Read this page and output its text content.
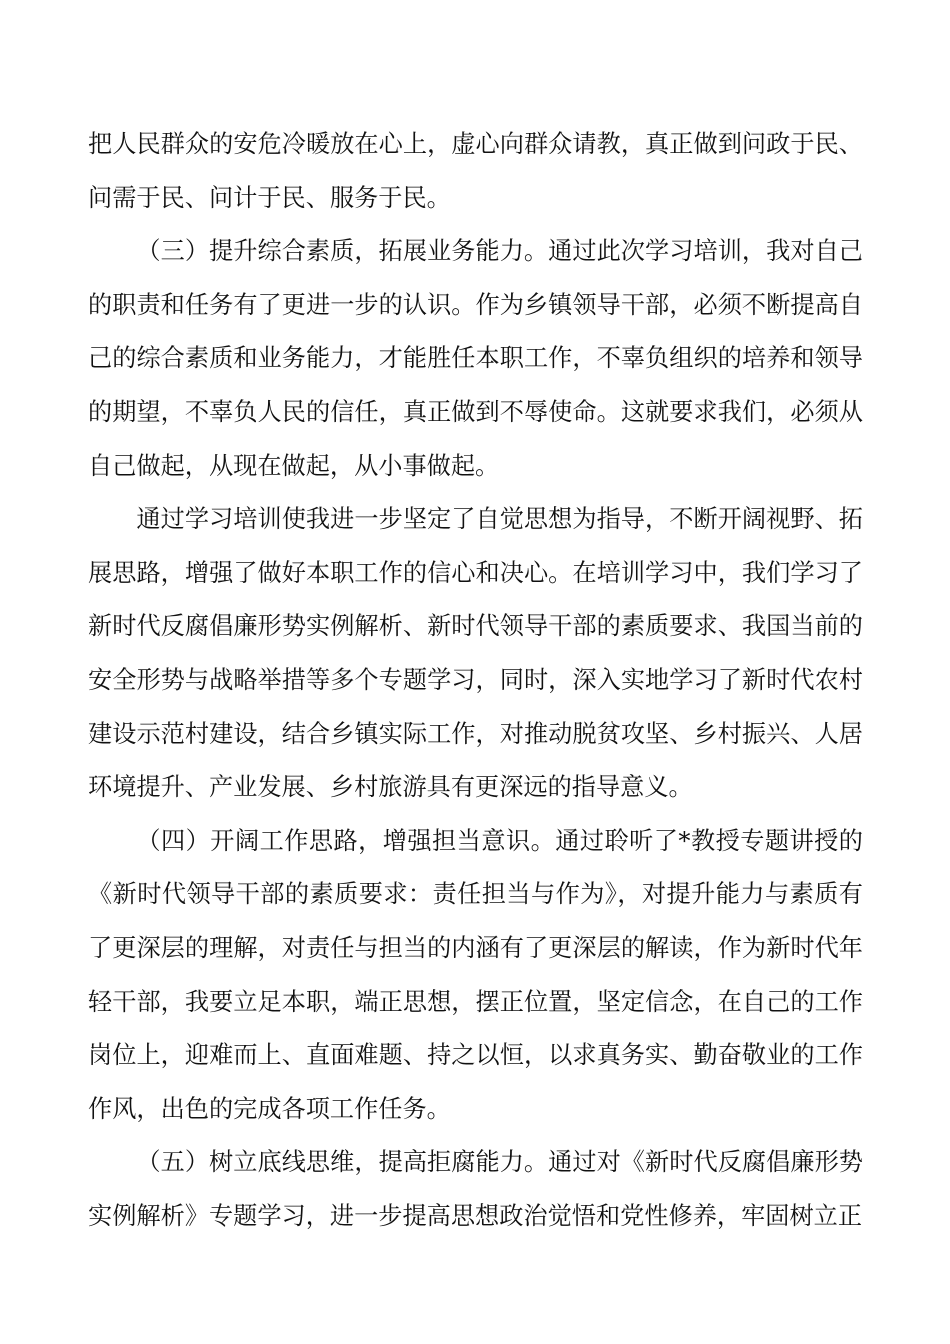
把人民群众的安危冷暖放在心上，虚心向群众请教，真正做到问政于民、问需于民、问计于民、服务于民。

（三）提升综合素质，拓展业务能力。通过此次学习培训，我对自己的职责和任务有了更进一步的认识。作为乡镇领导干部，必须不断提高自己的综合素质和业务能力，才能胜任本职工作，不辜负组织的培养和领导的期望，不辜负人民的信任，真正做到不辱使命。这就要求我们，必须从自己做起，从现在做起，从小事做起。

通过学习培训使我进一步坚定了自觉思想为指导，不断开阔视野、拓展思路，增强了做好本职工作的信心和决心。在培训学习中，我们学习了新时代反腐倡廉形势实例解析、新时代领导干部的素质要求、我国当前的安全形势与战略举措等多个专题学习，同时，深入实地学习了新时代农村建设示范村建设，结合乡镇实际工作，对推动脱贫攻坚、乡村振兴、人居环境提升、产业发展、乡村旅游具有更深远的指导意义。

（四）开阔工作思路，增强担当意识。通过聆听了*教授专题讲授的《新时代领导干部的素质要求：责任担当与作为》，对提升能力与素质有了更深层的理解，对责任与担当的内涵有了更深层的解读，作为新时代年轻干部，我要立足本职，端正思想，摆正位置，坚定信念，在自己的工作岗位上，迎难而上、直面难题、持之以恒，以求真务实、勤奋敬业的工作作风，出色的完成各项工作任务。

（五）树立底线思维，提高拒腐能力。通过对《新时代反腐倡廉形势实例解析》专题学习，进一步提高思想政治觉悟和党性修养，牢固树立正
